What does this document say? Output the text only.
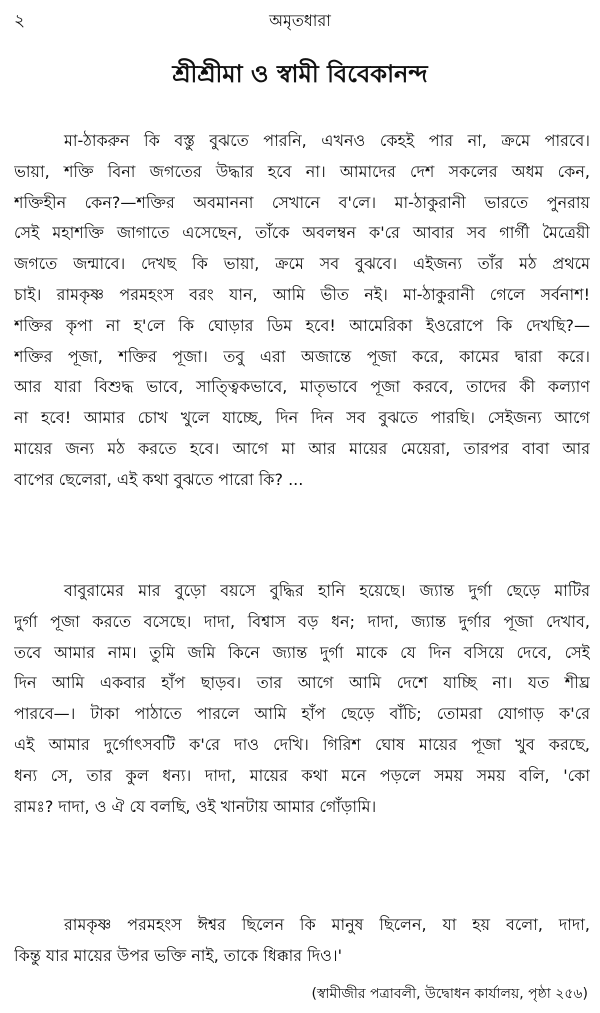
২	অমৃতধারা
শ্রীশ্রীমা ও স্বামী বিবেকানন্দ
মা-ঠাকরুন কি বস্তু বুঝতে পারনি, এখনও কেহই পার না, ক্রমে পারবে।
ভায়া, শক্তি বিনা জগতের উদ্ধার হবে না। আমাদের দেশ সকলের অধম কেন,
শক্তিহীন কেন?—শক্তির অবমাননা সেখানে ব'লে। মা-ঠাকুরানী ভারতে পুনরায়
সেই মহাশক্তি জাগাতে এসেছেন, তাঁকে অবলম্বন ক'রে আবার সব গার্গী মৈত্রেয়ী
জগতে জন্মাবে। দেখছ কি ভায়া, ক্রমে সব বুঝবে। এইজন্য তাঁর মঠ প্রথমে
চাই। রামকৃষ্ণ পরমহংস বরং যান, আমি ভীত নই। মা-ঠাকুরানী গেলে সর্বনাশ!
শক্তির কৃপা না হ'লে কি ঘোড়ার ডিম হবে! আমেরিকা ইওরোপে কি দেখছি?—
শক্তির পূজা, শক্তির পূজা। তবু এরা অজান্তে পূজা করে, কামের দ্বারা করে।
আর যারা বিশুদ্ধ ভাবে, সাত্ত্বিকভাবে, মাতৃভাবে পূজা করবে, তাদের কী কল্যাণ
না হবে! আমার চোখ খুলে যাচ্ছে, দিন দিন সব বুঝতে পারছি। সেইজন্য আগে
মায়ের জন্য মঠ করতে হবে। আগে মা আর মায়ের মেয়েরা, তারপর বাবা আর
বাপের ছেলেরা, এই কথা বুঝতে পারো কি? ...
বাবুরামের মার বুড়ো বয়সে বুদ্ধির হানি হয়েছে। জ্যান্ত দুর্গা ছেড়ে মাটির
দুর্গা পূজা করতে বসেছে। দাদা, বিশ্বাস বড় ধন; দাদা, জ্যান্ত দুর্গার পূজা দেখাব,
তবে আমার নাম। তুমি জমি কিনে জ্যান্ত দুর্গা মাকে যে দিন বসিয়ে দেবে, সেই
দিন আমি একবার হাঁপ ছাড়ব। তার আগে আমি দেশে যাচ্ছি না। যত শীঘ্র
পারবে—। টাকা পাঠাতে পারলে আমি হাঁপ ছেড়ে বাঁচি; তোমরা যোগাড় ক'রে
এই আমার দুর্গোৎসবটি ক'রে দাও দেখি। গিরিশ ঘোষ মায়ের পূজা খুব করছে,
ধন্য সে, তার কুল ধন্য। দাদা, মায়ের কথা মনে পড়লে সময় সময় বলি, 'কো
রামঃ? দাদা, ও ঐ যে বলছি, ওই খানটায় আমার গোঁড়ামি।
রামকৃষ্ণ পরমহংস ঈশ্বর ছিলেন কি মানুষ ছিলেন, যা হয় বলো, দাদা,
কিন্তু যার মায়ের উপর ভক্তি নাই, তাকে ধিক্কার দিও।'
(স্বামীজীর পত্রাবলী, উদ্বোধন কার্যালয়, পৃষ্ঠা ২৫৬)
